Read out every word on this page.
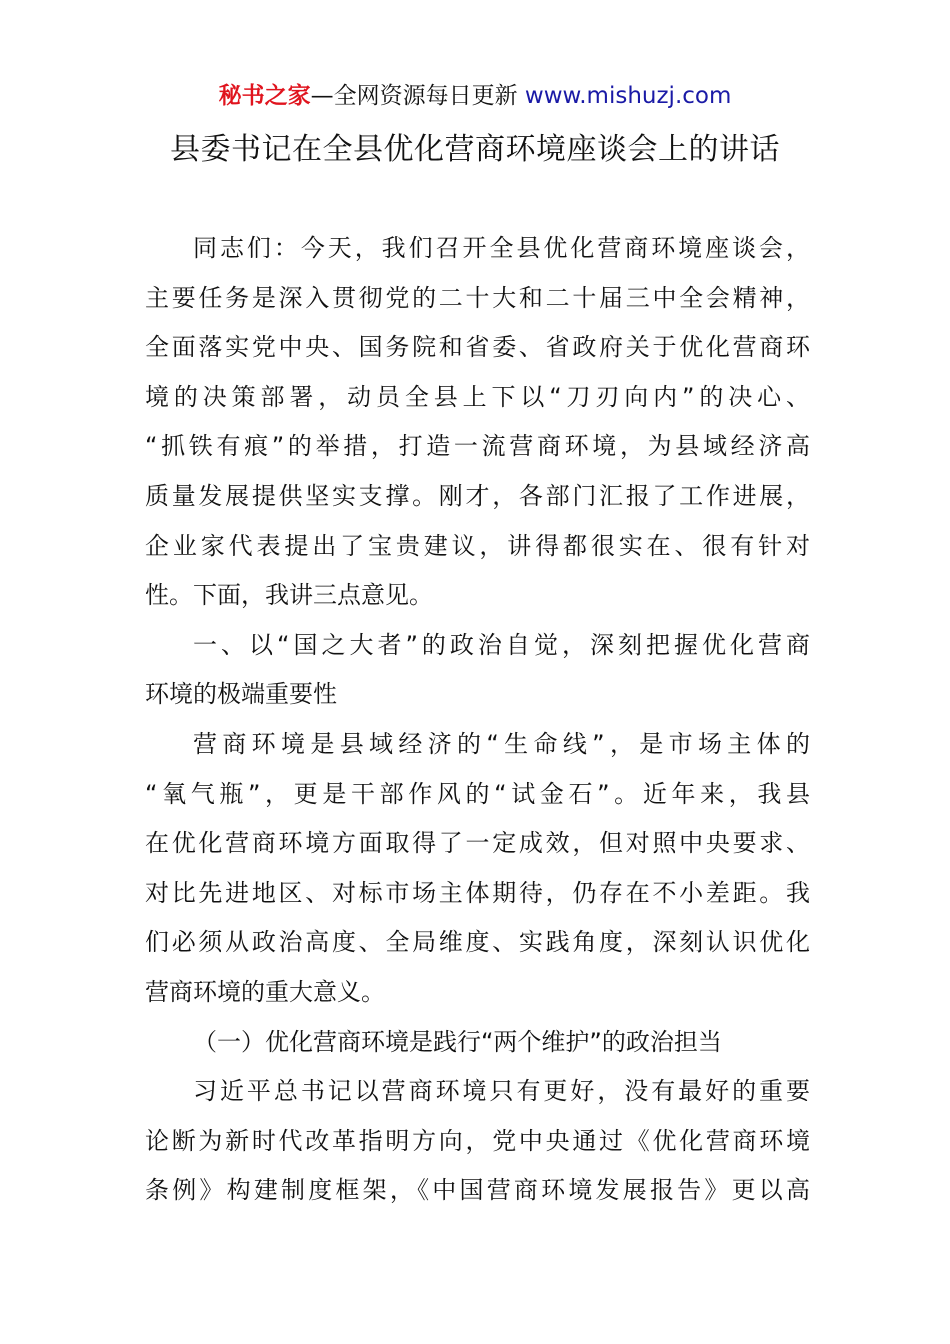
秘书之家—全网资源每日更新 www.mishuzj.com
县委书记在全县优化营商环境座谈会上的讲话
同志们：今天，我们召开全县优化营商环境座谈会，
主要任务是深入贯彻党的二十大和二十届三中全会精神，
全面落实党中央、国务院和省委、省政府关于优化营商环
境的决策部署，动员全县上下以“刀刃向内”的决心、
“抓铁有痕”的举措，打造一流营商环境，为县域经济高
质量发展提供坚实支撑。刚才，各部门汇报了工作进展，
企业家代表提出了宝贵建议，讲得都很实在、很有针对
性。下面，我讲三点意见。
一、以“国之大者”的政治自觉，深刻把握优化营商
环境的极端重要性
营商环境是县域经济的“生命线”，是市场主体的
“氧气瓶”，更是干部作风的“试金石”。近年来，我县
在优化营商环境方面取得了一定成效，但对照中央要求、
对比先进地区、对标市场主体期待，仍存在不小差距。我
们必须从政治高度、全局维度、实践角度，深刻认识优化
营商环境的重大意义。
（一）优化营商环境是践行“两个维护”的政治担当
习近平总书记以营商环境只有更好，没有最好的重要
论断为新时代改革指明方向，党中央通过《优化营商环境
条例》构建制度框架，《中国营商环境发展报告》更以高
